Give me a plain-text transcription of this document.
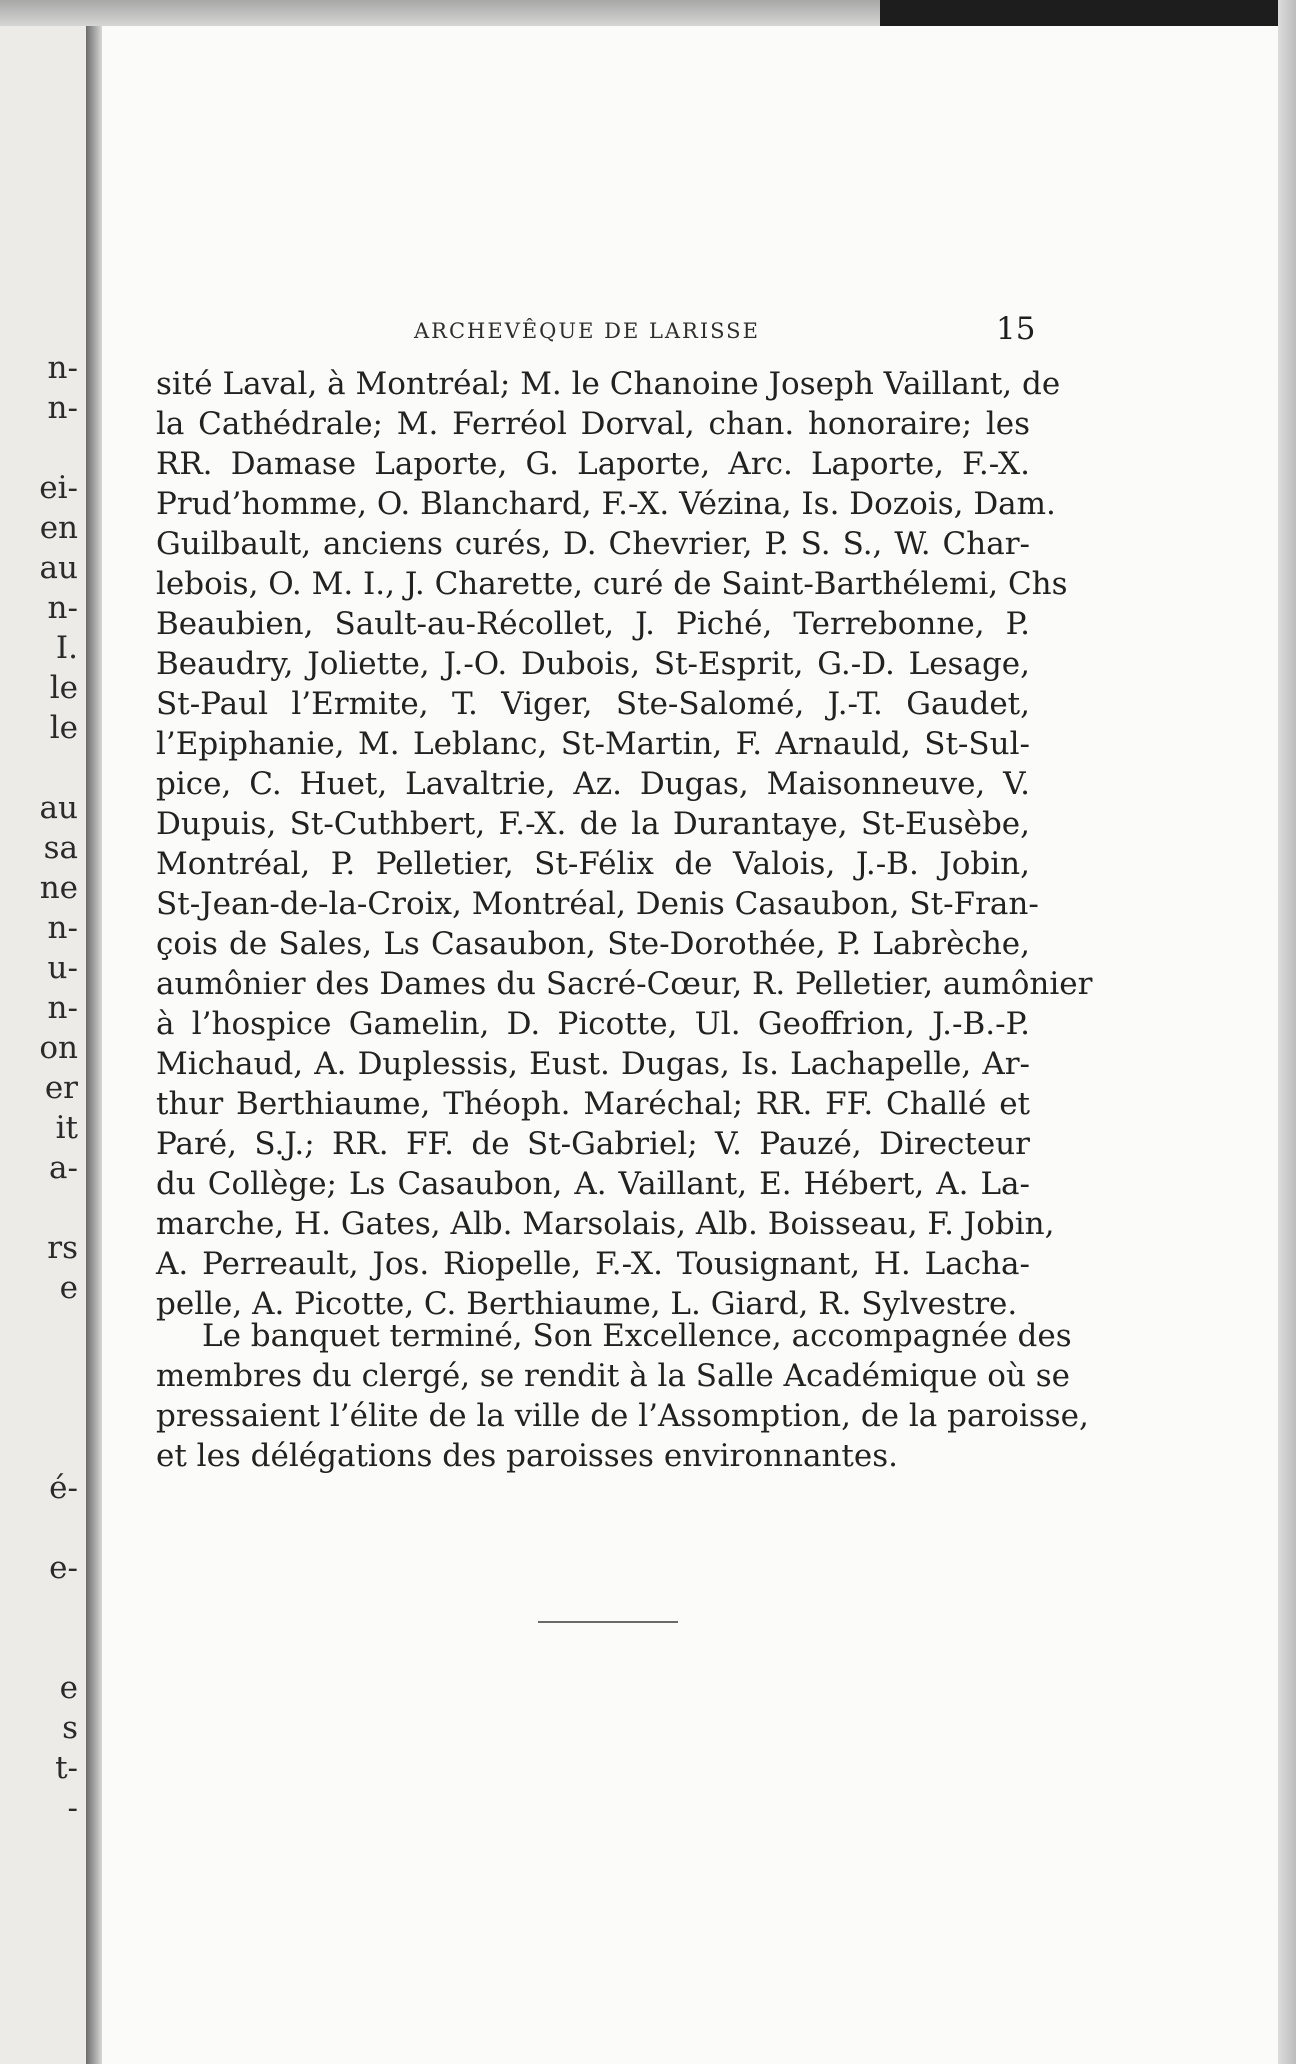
n-
n-
ei-
en
au
n-
I.
le
le
au
sa
ne
n-
u-
n-
on
er
it
a-
rs
e
é-
e-
e
s
t-
-
ARCHEVÊQUE DE LARISSE	15
sité Laval, à Montréal; M. le Chanoine Joseph Vaillant, de
la Cathédrale; M. Ferréol Dorval, chan. honoraire; les
RR. Damase Laporte, G. Laporte, Arc. Laporte, F.-X.
Prud’homme, O. Blanchard, F.-X. Vézina, Is. Dozois, Dam.
Guilbault, anciens curés, D. Chevrier, P. S. S., W. Char-
lebois, O. M. I., J. Charette, curé de Saint-Barthélemi, Chs
Beaubien, Sault-au-Récollet, J. Piché, Terrebonne, P.
Beaudry, Joliette, J.-O. Dubois, St-Esprit, G.-D. Lesage,
St-Paul l’Ermite, T. Viger, Ste-Salomé, J.-T. Gaudet,
l’Epiphanie, M. Leblanc, St-Martin, F. Arnauld, St-Sul-
pice, C. Huet, Lavaltrie, Az. Dugas, Maisonneuve, V.
Dupuis, St-Cuthbert, F.-X. de la Durantaye, St-Eusèbe,
Montréal, P. Pelletier, St-Félix de Valois, J.-B. Jobin,
St-Jean-de-la-Croix, Montréal, Denis Casaubon, St-Fran-
çois de Sales, Ls Casaubon, Ste-Dorothée, P. Labrèche,
aumônier des Dames du Sacré-Cœur, R. Pelletier, aumônier
à l’hospice Gamelin, D. Picotte, Ul. Geoffrion, J.-B.-P.
Michaud, A. Duplessis, Eust. Dugas, Is. Lachapelle, Ar-
thur Berthiaume, Théoph. Maréchal; RR. FF. Challé et
Paré, S.J.; RR. FF. de St-Gabriel; V. Pauzé, Directeur
du Collège; Ls Casaubon, A. Vaillant, E. Hébert, A. La-
marche, H. Gates, Alb. Marsolais, Alb. Boisseau, F. Jobin,
A. Perreault, Jos. Riopelle, F.-X. Tousignant, H. Lacha-
pelle, A. Picotte, C. Berthiaume, L. Giard, R. Sylvestre.
Le banquet terminé, Son Excellence, accompagnée des
membres du clergé, se rendit à la Salle Académique où se
pressaient l’élite de la ville de l’Assomption, de la paroisse,
et les délégations des paroisses environnantes.
